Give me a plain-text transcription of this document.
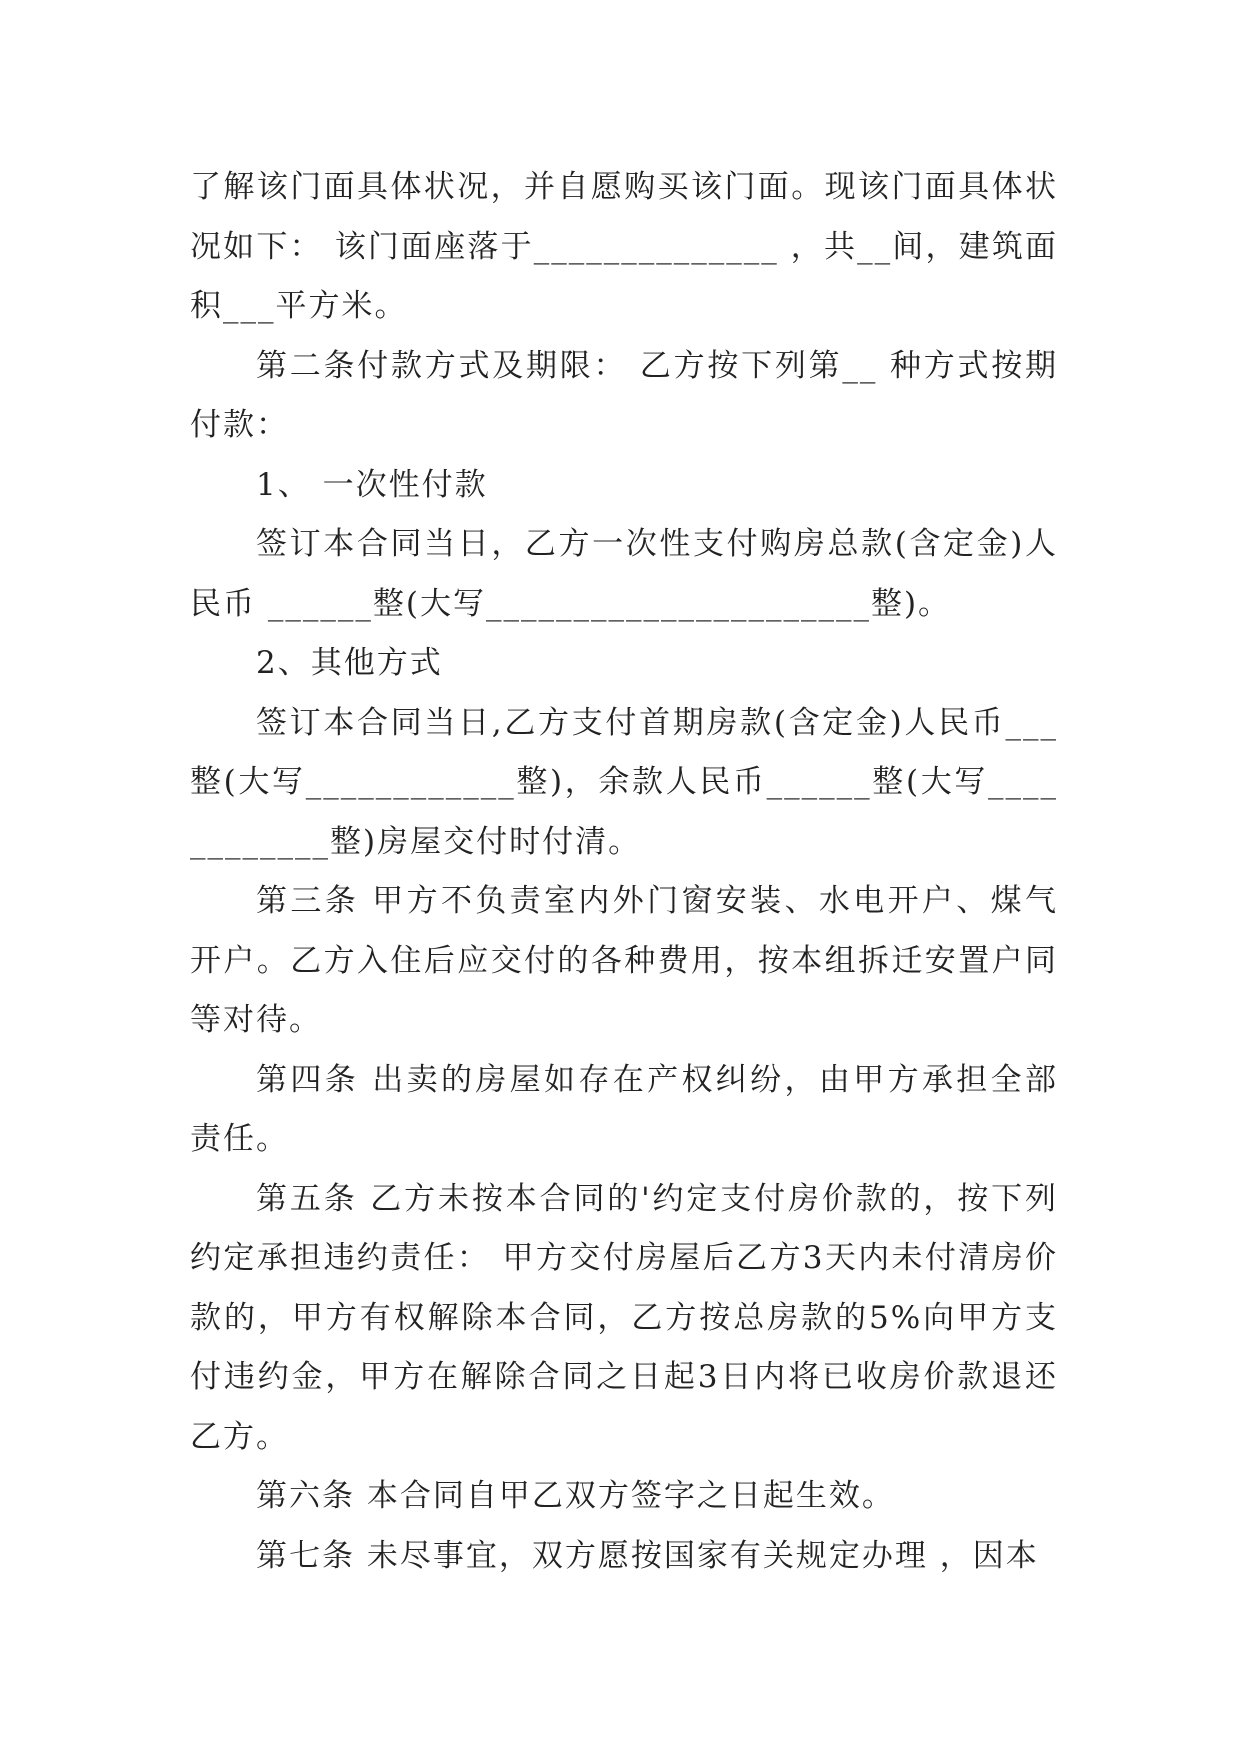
了解该门面具体状况，并自愿购买该门面。现该门面具体状况如下： 该门面座落于______________ ，共__间，建筑面积___平方米。

第二条付款方式及期限： 乙方按下列第__ 种方式按期付款：

1、 一次性付款

签订本合同当日，乙方一次性支付购房总款(含定金)人民币 ______整(大写______________________整)。

2、其他方式

签订本合同当日,乙方支付首期房款(含定金)人民币___整(大写____________整)，余款人民币______整(大写____________整)房屋交付时付清。

第三条 甲方不负责室内外门窗安装、水电开户、煤气开户。乙方入住后应交付的各种费用，按本组拆迁安置户同等对待。

第四条 出卖的房屋如存在产权纠纷，由甲方承担全部责任。

第五条 乙方未按本合同的'约定支付房价款的，按下列约定承担违约责任： 甲方交付房屋后乙方3天内未付清房价款的，甲方有权解除本合同，乙方按总房款的5%向甲方支付违约金，甲方在解除合同之日起3日内将已收房价款退还乙方。

第六条 本合同自甲乙双方签字之日起生效。

第七条 未尽事宜，双方愿按国家有关规定办理 ，因本
